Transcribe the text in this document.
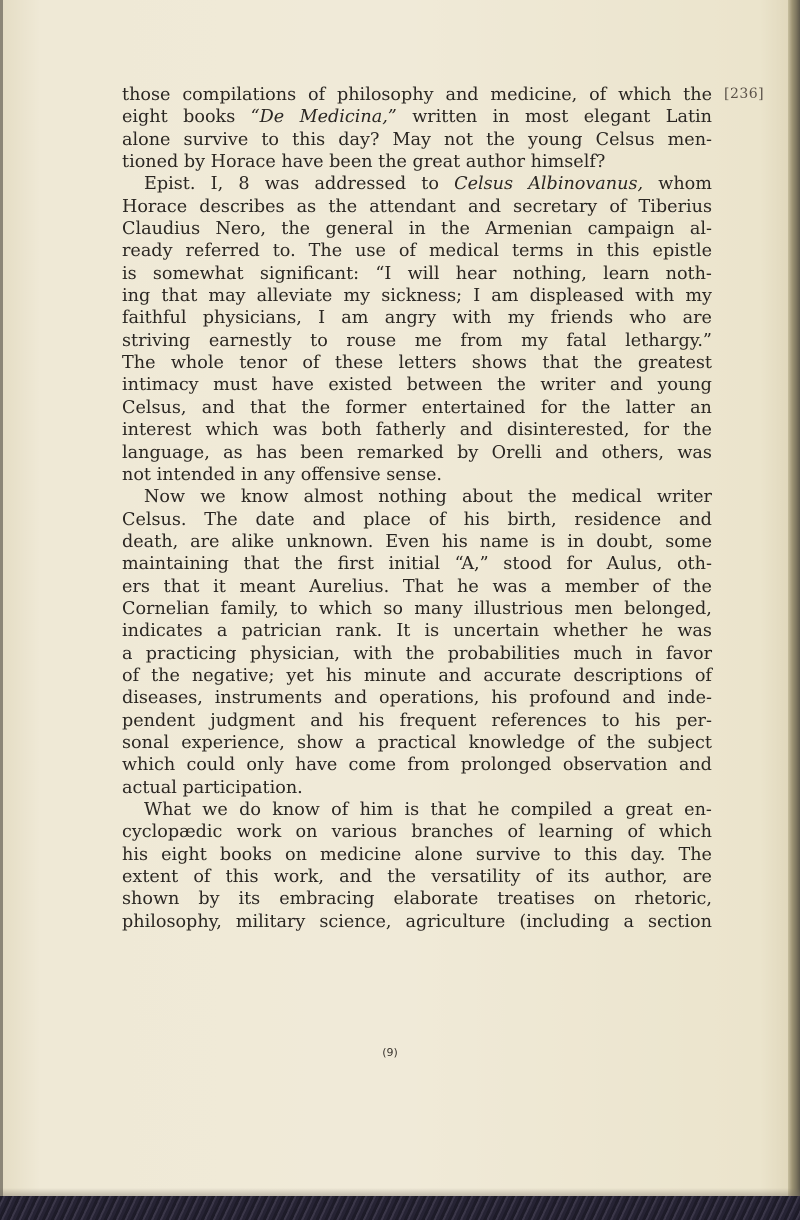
[236]
those compilations of philosophy and medicine, of which the
eight books “De Medicina,” written in most elegant Latin
alone survive to this day? May not the young Celsus men-
tioned by Horace have been the great author himself?
Epist. I, 8 was addressed to Celsus Albinovanus, whom
Horace describes as the attendant and secretary of Tiberius
Claudius Nero, the general in the Armenian campaign al-
ready referred to. The use of medical terms in this epistle
is somewhat significant: “I will hear nothing, learn noth-
ing that may alleviate my sickness; I am displeased with my
faithful physicians, I am angry with my friends who are
striving earnestly to rouse me from my fatal lethargy.”
The whole tenor of these letters shows that the greatest
intimacy must have existed between the writer and young
Celsus, and that the former entertained for the latter an
interest which was both fatherly and disinterested, for the
language, as has been remarked by Orelli and others, was
not intended in any offensive sense.
Now we know almost nothing about the medical writer
Celsus. The date and place of his birth, residence and
death, are alike unknown. Even his name is in doubt, some
maintaining that the first initial “A,” stood for Aulus, oth-
ers that it meant Aurelius. That he was a member of the
Cornelian family, to which so many illustrious men belonged,
indicates a patrician rank. It is uncertain whether he was
a practicing physician, with the probabilities much in favor
of the negative; yet his minute and accurate descriptions of
diseases, instruments and operations, his profound and inde-
pendent judgment and his frequent references to his per-
sonal experience, show a practical knowledge of the subject
which could only have come from prolonged observation and
actual participation.
What we do know of him is that he compiled a great en-
cyclopædic work on various branches of learning of which
his eight books on medicine alone survive to this day. The
extent of this work, and the versatility of its author, are
shown by its embracing elaborate treatises on rhetoric,
philosophy, military science, agriculture (including a section
(9)
